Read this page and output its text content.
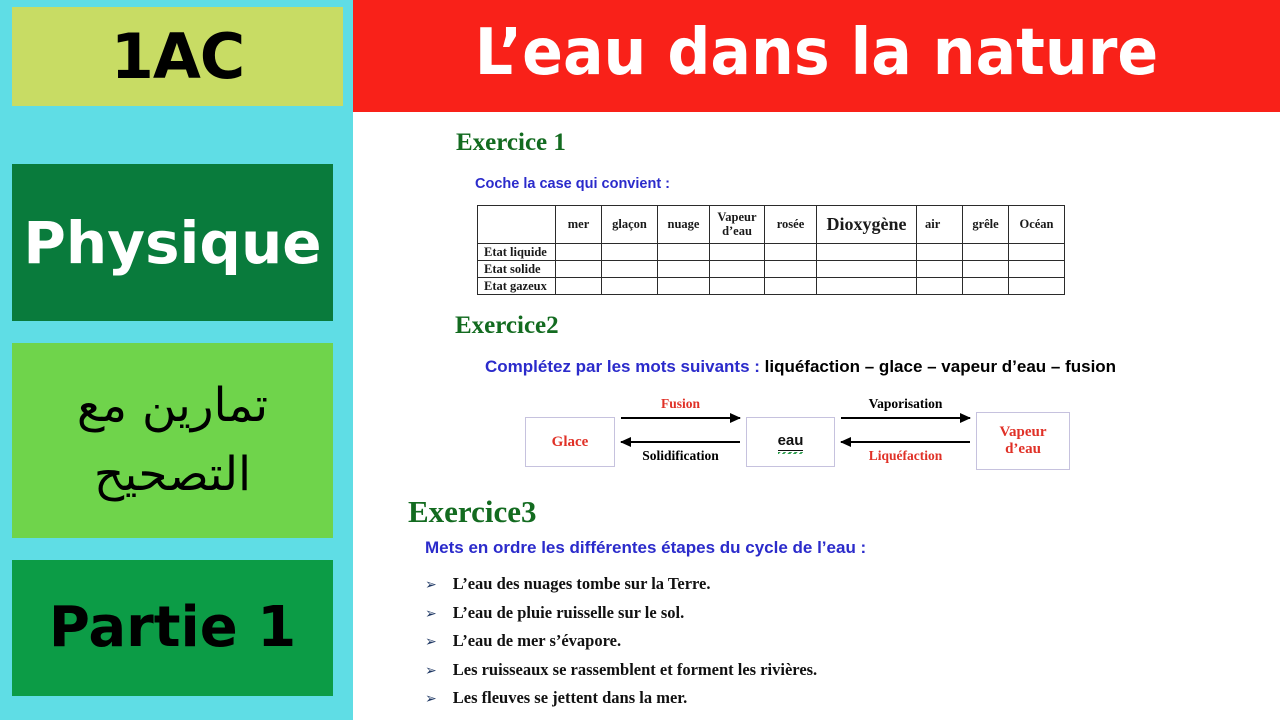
1AC	L’eau dans la nature
Physique
تمارين مع التصحيح
Partie 1
Exercice 1
Coche la case qui convient :
	mer	glaçon	nuage	Vapeur d’eau	rosée	Dioxygène	air	grêle	Océan
Etat liquide									
Etat solide									
Etat gazeux									
Exercice2
Complétez par les mots suivants : liquéfaction – glace – vapeur d’eau – fusion
Glace
Fusion
Solidification
eau
Vaporisation
Liquéfaction
Vapeur
d’eau
Exercice3
Mets en ordre les différentes étapes du cycle de l’eau :
➢ L’eau des nuages tombe sur la Terre.
➢ L’eau de pluie ruisselle sur le sol.
➢ L’eau de mer s’évapore.
➢ Les ruisseaux se rassemblent et forment les rivières.
➢ Les fleuves se jettent dans la mer.
